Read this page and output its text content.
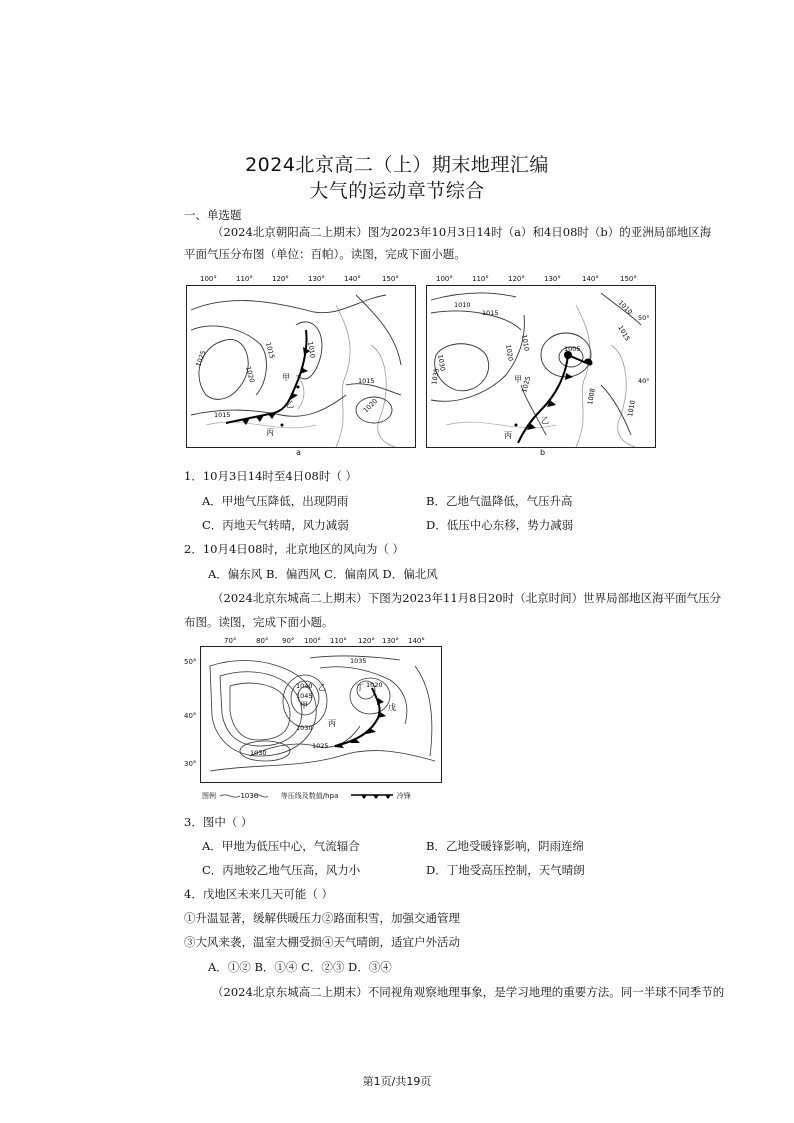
2024北京高二（上）期末地理汇编
大气的运动章节综合
一、单选题
（2024北京朝阳高二上期末）图为2023年10月3日14时（a）和4日08时（b）的亚洲局部地区海
平面气压分布图（单位：百帕）。读图，完成下面小题。
100°	110°	120°	130°	140°	150°
1010
1015
1020
1025
1015
1015
1020
甲
乙
丙
a
100°	110°	120°	130°	140°	150°
1010
1015
1005
1010
1020
1030
1035	1025
1010
1015
1008
1010
50°
40°
甲
乙
丙
b
1．10月3日14时至4日08时（ ）
A．甲地气压降低，出现阴雨	B．乙地气温降低，气压升高
C．丙地天气转晴，风力减弱	D．低压中心东移，势力减弱
2．10月4日08时，北京地区的风向为（ ）
A．偏东风 B．偏西风 C．偏南风 D．偏北风
（2024北京东城高二上期末）下图为2023年11月8日20时（北京时间）世界局部地区海平面气压分
布图。读图，完成下面小题。
70°	80° 90° 100° 110° 120° 130° 140°
50°
40°
30°
1035
1040
1045
1030
1025
1030
1020
甲
乙
丙
丁
戊
图例	1030	等压线及数值/hpa	冷锋
3．图中（ ）
A．甲地为低压中心，气流辐合	B．乙地受暖锋影响，阴雨连绵
C．丙地较乙地气压高，风力小	D．丁地受高压控制，天气晴朗
4．戊地区未来几天可能（ ）
①升温显著，缓解供暖压力②路面积雪，加强交通管理
③大风来袭，温室大棚受损④天气晴朗，适宜户外活动
A．①② B．①④ C．②③ D．③④
（2024北京东城高二上期末）不同视角观察地理事象，是学习地理的重要方法。同一半球不同季节的
第1页/共19页
